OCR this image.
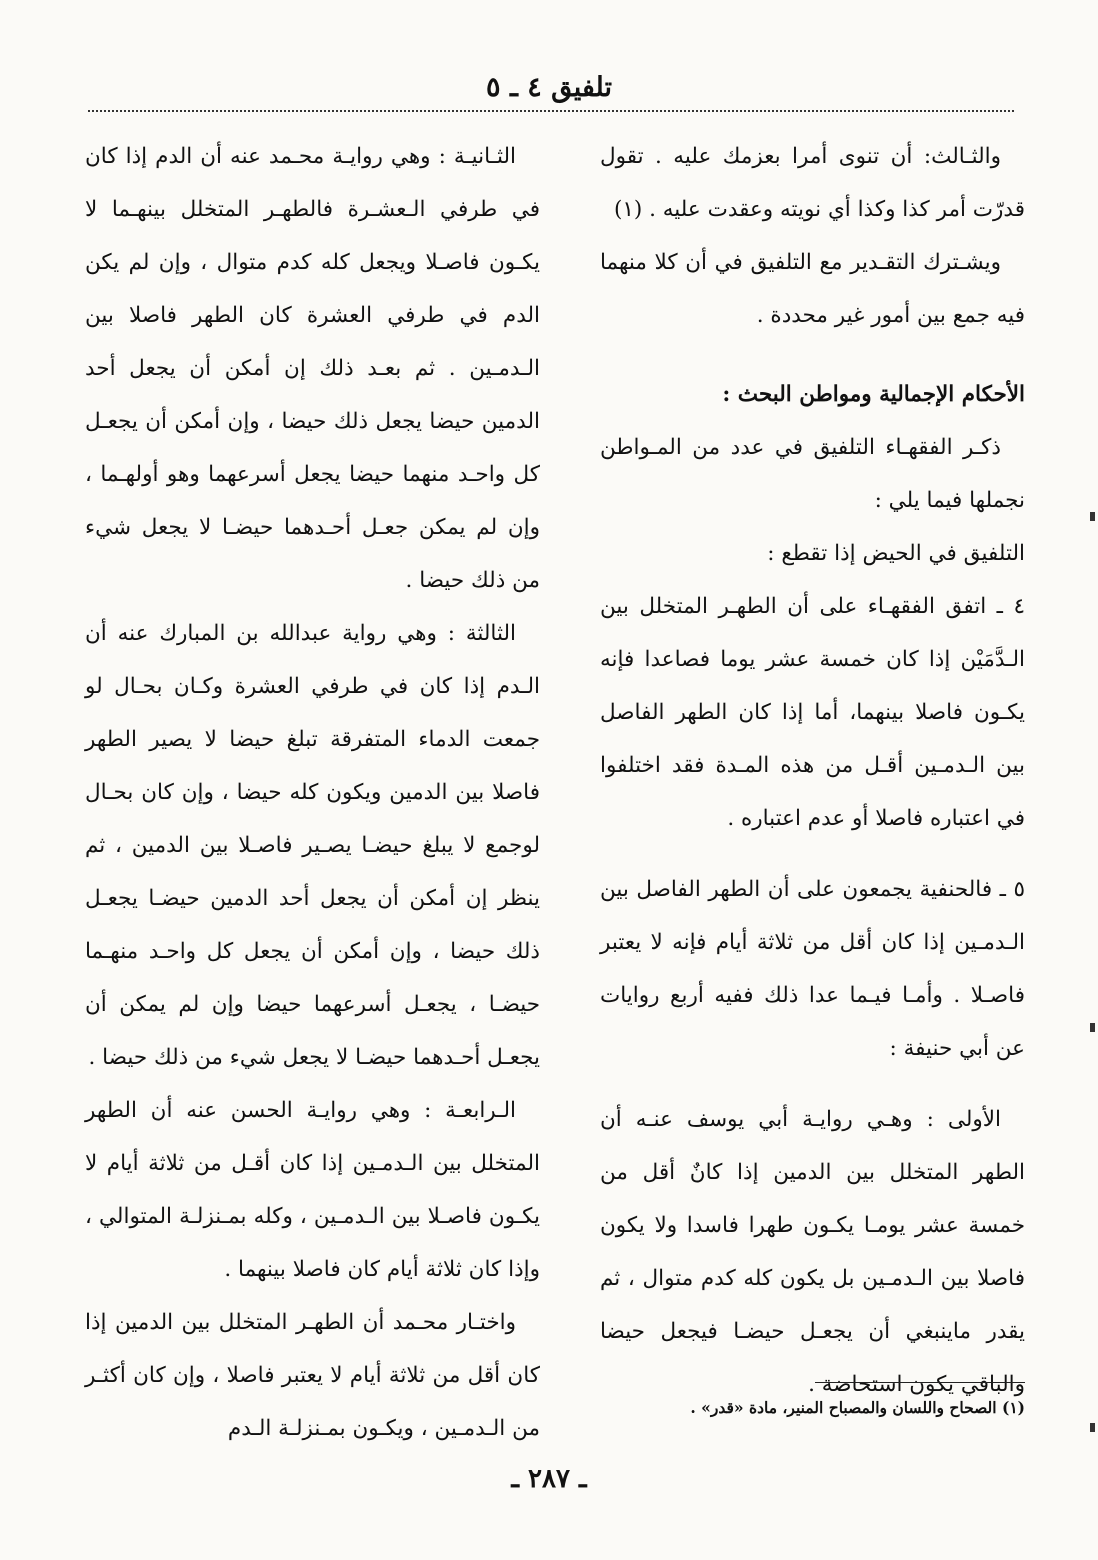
تلفيق ٤ ـ ٥

والثـالث: أن تنوى أمرا بعزمك عليه . تقول قدرّت أمر كذا وكذا أي نويته وعقدت عليه . (١)

ويشـترك التقـدير مع التلفيق في أن كلا منهما فيه جمع بين أمور غير محددة .

الأحكام الإجمالية ومواطن البحث :

ذكـر الفقهـاء التلفيق في عدد من المـواطن نجملها فيما يلي :

التلفيق في الحيض إذا تقطع :

٤ ـ اتفق الفقهـاء على أن الطهـر المتخلل بين الـدَّمَيْن إذا كان خمسة عشر يوما فصاعدا فإنه يكـون فاصلا بينهما، أما إذا كان الطهر الفاصل بين الـدمـين أقـل من هذه المـدة فقد اختلفوا في اعتباره فاصلا أو عدم اعتباره .

٥ ـ فالحنفية يجمعون على أن الطهر الفاصل بين الـدمـين إذا كان أقل من ثلاثة أيام فإنه لا يعتبر فاصـلا . وأمـا فيـما عدا ذلك ففيه أربع روايات عن أبي حنيفة :

الأولى : وهـي روايـة أبي يوسف عنـه أن الطهر المتخلل بين الدمين إذا كانٌ أقل من خمسة عشر يومـا يكـون طهرا فاسدا ولا يكون فاصلا بين الـدمـين بل يكون كله كدم متوال ، ثم يقدر ماينبغي أن يجعـل حيضـا فيجعل حيضا والباقي يكون استحاضة .

الثـانيـة : وهي روايـة محـمد عنه أن الدم إذا كان في طرفي الـعشـرة فالطهـر المتخلل بينهـما لا يكـون فاصـلا ويجعل كله كدم متوال ، وإن لم يكن الدم في طرفي العشرة كان الطهر فاصلا بين الـدمـين . ثم بعـد ذلك إن أمكن أن يجعل أحد الدمين حيضا يجعل ذلك حيضا ، وإن أمكن أن يجعـل كل واحـد منهما حيضا يجعل أسرعهما وهو أولهـما ، وإن لم يمكن جعـل أحـدهما حيضـا لا يجعل شيء من ذلك حيضا .

الثالثة : وهي رواية عبدالله بن المبارك عنه أن الـدم إذا كان في طرفي العشرة وكـان بحـال لو جمعت الدماء المتفرقة تبلغ حيضا لا يصير الطهر فاصلا بين الدمين ويكون كله حيضا ، وإن كان بحـال لوجمع لا يبلغ حيضـا يصـير فاصـلا بين الدمين ، ثم ينظر إن أمكن أن يجعل أحد الدمين حيضـا يجعـل ذلك حيضا ، وإن أمكن أن يجعل كل واحـد منهـما حيضـا ، يجعـل أسرعهما حيضا وإن لم يمكن أن يجعـل أحـدهما حيضـا لا يجعل شيء من ذلك حيضا .

الـرابعـة : وهي روايـة الحسن عنه أن الطهر المتخلل بين الـدمـين إذا كان أقـل من ثلاثة أيام لا يكـون فاصـلا بين الـدمـين ، وكله بمـنزلـة المتوالي ، وإذا كان ثلاثة أيام كان فاصلا بينهما .

واختـار محـمد أن الطهـر المتخلل بين الدمين إذا كان أقل من ثلاثة أيام لا يعتبر فاصلا ، وإن كان أكثـر من الـدمـين ، ويكـون بمـنزلـة الـدم

(١) الصحاح واللسان والمصباح المنير، مادة «قدر» .
ـ ٢٨٧ ـ
